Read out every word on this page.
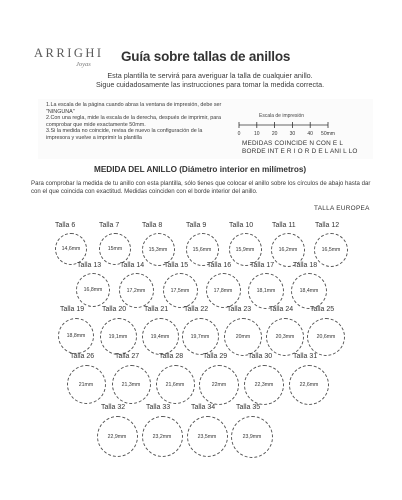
ARRIGHI
Joyas
Guía sobre tallas de anillos
Esta plantilla te servirá para averiguar la talla de cualquier anillo.
Sigue cuidadosamente las instrucciones para tomar la medida correcta.
1.La escala de la página cuando abras la ventana de impresión, debe ser "NINGUNA"
2.Con una regla, mide la escala de la derecha, después de imprimir, para comprobar que mide exactamente 50mm.
3.Si la medida no coincide, revisa de nuevo la configuración de la impresora y vuelve a imprimir la plantilla
Escala de impresión
0	10 20 30 40 50mm
MEDIDAS COINCIDE N CON E L
BORDE INT E R I O R D E L ANI L LO
MEDIDA DEL ANILLO (Diámetro interior en milímetros)
Para comprobar la medida de tu anillo con esta plantilla, sólo tienes que colocar el anillo sobre los círculos de abajo hasta dar con el que coincida con exactitud. Medidas coinciden con el borde interior del anillo.
TALLA EUROPEA
Talla 6
14,6mm
Talla 7
15mm
Talla 8
15,3mm
Talla 9
15,6mm
Talla 10
15,9mm
Talla 11
16,2mm
Talla 12
16,5mm
Talla 13
16,8mm
Talla 14
17,2mm
Talla 15
17,5mm
Talla 16
17,8mm
Talla 17
18,1mm
Talla 18
18,4mm
Talla 19
18,8mm
Talla 20
19,1mm
Talla 21
19,4mm
Talla 22
19,7mm
Talla 23
20mm
Talla 24
20,3mm
Talla 25
20,6mm
Talla 26
21mm
Talla 27
21,3mm
Talla 28
21,6mm
Talla 29
22mm
Talla 30
22,3mm
Talla 31
22,6mm
Talla 32
22,9mm
Talla 33
23,2mm
Talla 34
23,5mm
Talla 35
23,9mm
